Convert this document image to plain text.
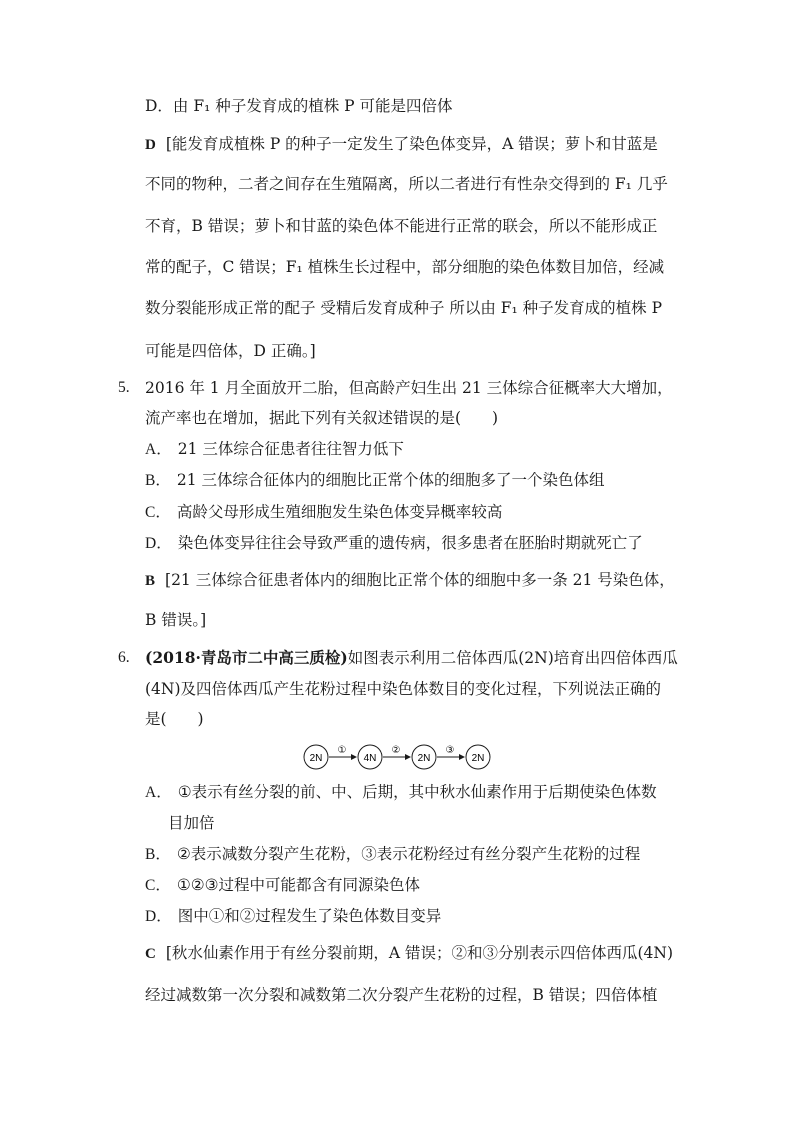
D．由 F₁ 种子发育成的植株 P 可能是四倍体
D [能发育成植株 P 的种子一定发生了染色体变异，A 错误；萝卜和甘蓝是
不同的物种，二者之间存在生殖隔离，所以二者进行有性杂交得到的 F₁ 几乎
不育，B 错误；萝卜和甘蓝的染色体不能进行正常的联会，所以不能形成正
常的配子，C 错误；F₁ 植株生长过程中，部分细胞的染色体数目加倍，经减
数分裂能形成正常的配子 受精后发育成种子 所以由 F₁ 种子发育成的植株 P
可能是四倍体，D 正确。]
5. 2016 年 1 月全面放开二胎，但高龄产妇生出 21 三体综合征概率大大增加，
流产率也在增加，据此下列有关叙述错误的是(　　)
A． 21 三体综合征患者往往智力低下
B． 21 三体综合征体内的细胞比正常个体的细胞多了一个染色体组
C． 高龄父母形成生殖细胞发生染色体变异概率较高
D． 染色体变异往往会导致严重的遗传病，很多患者在胚胎时期就死亡了
B [21 三体综合征患者体内的细胞比正常个体的细胞中多一条 21 号染色体，
B 错误。]
6. (2018·青岛市二中高三质检)如图表示利用二倍体西瓜(2N)培育出四倍体西瓜
(4N)及四倍体西瓜产生花粉过程中染色体数目的变化过程，下列说法正确的
是(　　)
2N
①
4N
②
2N
③
2N
A． ①表示有丝分裂的前、中、后期，其中秋水仙素作用于后期使染色体数
目加倍
B． ②表示减数分裂产生花粉，③表示花粉经过有丝分裂产生花粉的过程
C． ①②③过程中可能都含有同源染色体
D． 图中①和②过程发生了染色体数目变异
C [秋水仙素作用于有丝分裂前期，A 错误；②和③分别表示四倍体西瓜(4N)
经过减数第一次分裂和减数第二次分裂产生花粉的过程，B 错误；四倍体植
